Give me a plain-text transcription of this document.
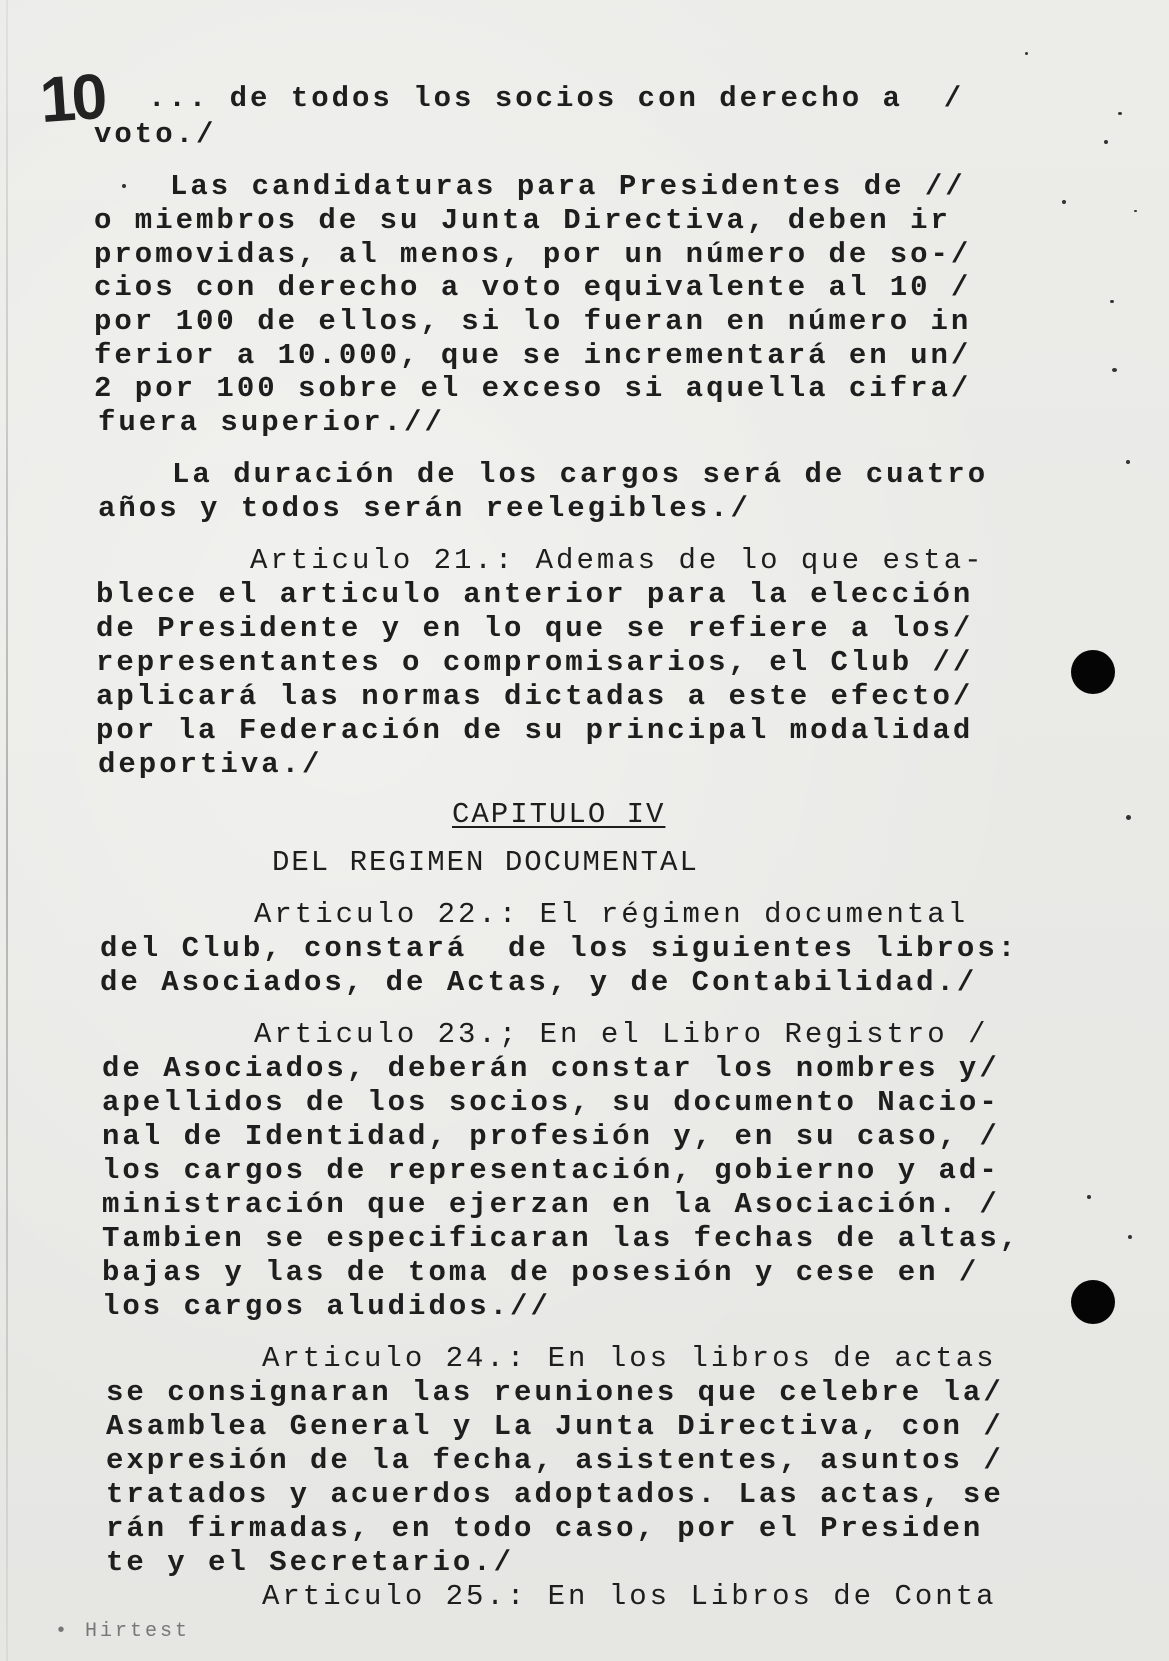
10 ... de todos los socios con derecho a  /
voto./
Las candidaturas para Presidentes de //
o miembros de su Junta Directiva, deben ir
promovidas, al menos, por un número de so-/
cios con derecho a voto equivalente al 10 /
por 100 de ellos, si lo fueran en número in
ferior a 10.000, que se incrementará en un/
2 por 100 sobre el exceso si aquella cifra/
fuera superior.//
La duración de los cargos será de cuatro
años y todos serán reelegibles./
Articulo 21.: Ademas de lo que esta-
blece el articulo anterior para la elección
de Presidente y en lo que se refiere a los/
representantes o compromisarios, el Club //
aplicará las normas dictadas a este efecto/
por la Federación de su principal modalidad
deportiva./
CAPITULO IV
DEL REGIMEN DOCUMENTAL
Articulo 22.: El régimen documental
del Club, constará  de los siguientes libros:
de Asociados, de Actas, y de Contabilidad./
Articulo 23.; En el Libro Registro /
de Asociados, deberán constar los nombres y/
apellidos de los socios, su documento Nacio-
nal de Identidad, profesión y, en su caso, /
los cargos de representación, gobierno y ad-
ministración que ejerzan en la Asociación. /
Tambien se especificaran las fechas de altas,
bajas y las de toma de posesión y cese en /
los cargos aludidos.//
Articulo 24.: En los libros de actas
se consignaran las reuniones que celebre la/
Asamblea General y La Junta Directiva, con /
expresión de la fecha, asistentes, asuntos /
tratados y acuerdos adoptados. Las actas, se
rán firmadas, en todo caso, por el Presiden
te y el Secretario./
Articulo 25.: En los Libros de Conta
• Hirtest
